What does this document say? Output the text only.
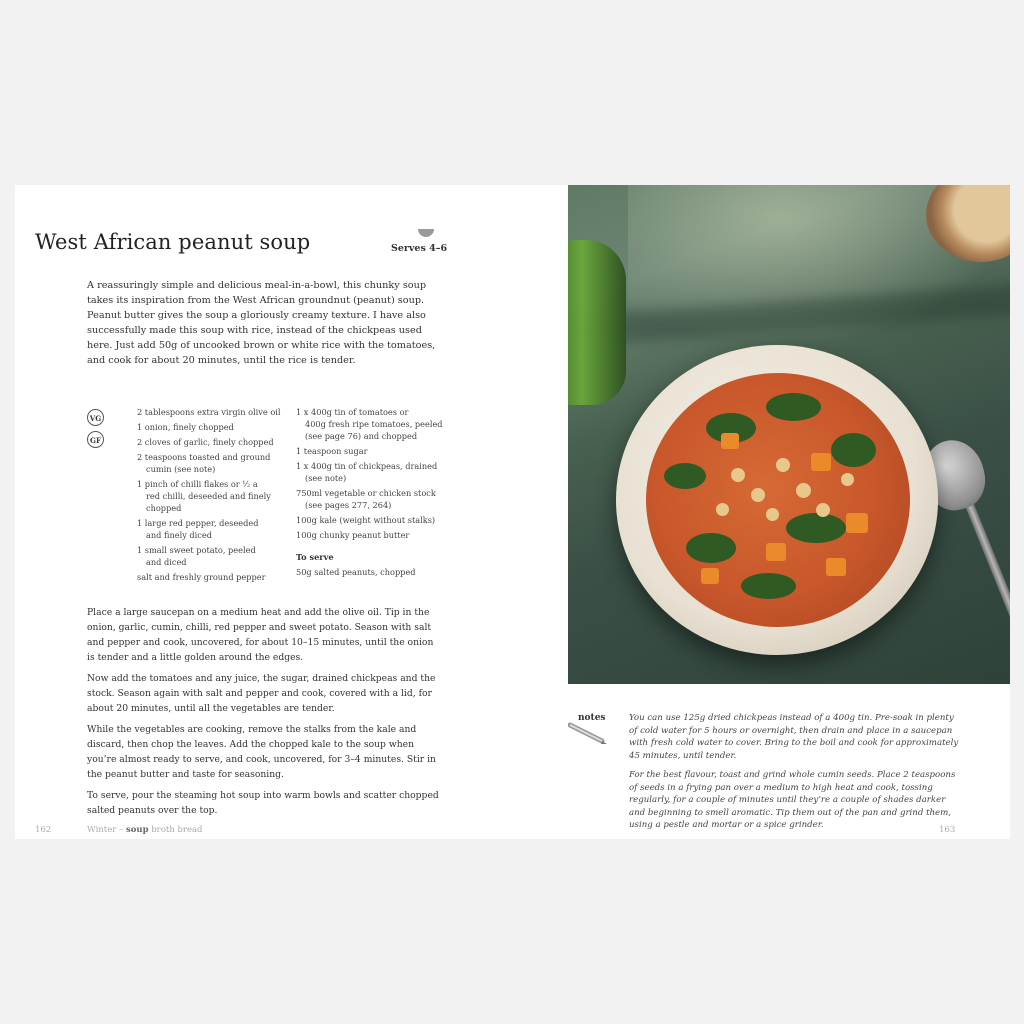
West African peanut soup	Serves 4–6

A reassuringly simple and delicious meal-in-a-bowl, this chunky soup takes its inspiration from the West African groundnut (peanut) soup. Peanut butter gives the soup a gloriously creamy texture. I have also successfully made this soup with rice, instead of the chickpeas used here. Just add 50g of uncooked brown or white rice with the tomatoes, and cook for about 20 minutes, until the rice is tender.

VG
GF
2 tablespoons extra virgin olive oil
1 onion, finely chopped
2 cloves of garlic, finely chopped
2 teaspoons toasted and ground
cumin (see note)
1 pinch of chilli flakes or ½ a
red chilli, deseeded and finely chopped
1 large red pepper, deseeded
and finely diced
1 small sweet potato, peeled
and diced
salt and freshly ground pepper
1 x 400g tin of tomatoes or
400g fresh ripe tomatoes, peeled (see page 76) and chopped
1 teaspoon sugar
1 x 400g tin of chickpeas, drained
(see note)
750ml vegetable or chicken stock
(see pages 277, 264)
100g kale (weight without stalks)
100g chunky peanut butter
To serve
50g salted peanuts, chopped

Place a large saucepan on a medium heat and add the olive oil. Tip in the onion, garlic, cumin, chilli, red pepper and sweet potato. Season with salt and pepper and cook, uncovered, for about 10–15 minutes, until the onion is tender and a little golden around the edges.

Now add the tomatoes and any juice, the sugar, drained chickpeas and the stock. Season again with salt and pepper and cook, covered with a lid, for about 20 minutes, until all the vegetables are tender.

While the vegetables are cooking, remove the stalks from the kale and discard, then chop the leaves. Add the chopped kale to the soup when you’re almost ready to serve, and cook, uncovered, for 3–4 minutes. Stir in the peanut butter and taste for seasoning.

To serve, pour the steaming hot soup into warm bowls and scatter chopped salted peanuts over the top.

162	Winter – soup broth bread
notes	You can use 125g dried chickpeas instead of a 400g tin. Pre-soak in plenty of cold water for 5 hours or overnight, then drain and place in a saucepan with fresh cold water to cover. Bring to the boil and cook for approximately 45 minutes, until tender.

For the best flavour, toast and grind whole cumin seeds. Place 2 teaspoons of seeds in a frying pan over a medium to high heat and cook, tossing regularly, for a couple of minutes until they’re a couple of shades darker and beginning to smell aromatic. Tip them out of the pan and grind them, using a pestle and mortar or a spice grinder.	163
